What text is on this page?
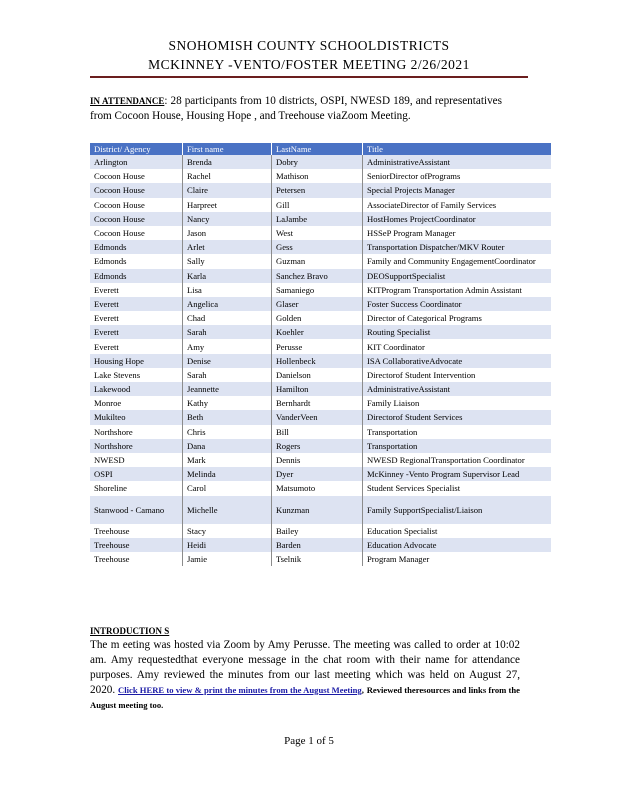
SNOHOMISH COUNTY SCHOOLDISTRICTS
MCKINNEY -VENTO/FOSTER MEETING 2/26/2021
IN ATTENDANCE: 28 participants from 10 districts, OSPI, NWESD 189, and representatives from Cocoon House, Housing Hope , and Treehouse viaZoom Meeting.
District/ Agency	First name	LastName	Title
Arlington	Brenda	Dobry	AdministrativeAssistant
Cocoon House	Rachel	Mathison	SeniorDirector ofPrograms
Cocoon House	Claire	Petersen	Special Projects Manager
Cocoon House	Harpreet	Gill	AssociateDirector of Family Services
Cocoon House	Nancy	LaJambe	HostHomes ProjectCoordinator
Cocoon House	Jason	West	HSSeP Program Manager
Edmonds	Arlet	Gess	Transportation Dispatcher/MKV Router
Edmonds	Sally	Guzman	Family and Community EngagementCoordinator
Edmonds	Karla	Sanchez Bravo	DEOSupportSpecialist
Everett	Lisa	Samaniego	KITProgram Transportation Admin Assistant
Everett	Angelica	Glaser	Foster Success Coordinator
Everett	Chad	Golden	Director of Categorical Programs
Everett	Sarah	Koehler	Routing Specialist
Everett	Amy	Perusse	KIT Coordinator
Housing Hope	Denise	Hollenbeck	ISA CollaborativeAdvocate
Lake Stevens	Sarah	Danielson	Directorof Student Intervention
Lakewood	Jeannette	Hamilton	AdministrativeAssistant
Monroe	Kathy	Bernhardt	Family Liaison
Mukilteo	Beth	VanderVeen	Directorof Student Services
Northshore	Chris	Bill	Transportation
Northshore	Dana	Rogers	Transportation
NWESD	Mark	Dennis	NWESD RegionalTransportation Coordinator
OSPI	Melinda	Dyer	McKinney -Vento Program Supervisor Lead
Shoreline	Carol	Matsumoto	Student Services Specialist
Stanwood - Camano	Michelle	Kunzman	Family SupportSpecialist/Liaison
Treehouse	Stacy	Bailey	Education Specialist
Treehouse	Heidi	Barden	Education Advocate
Treehouse	Jamie	Tselnik	Program Manager
INTRODUCTION S
The m eeting was hosted via Zoom by Amy Perusse. The meeting was called to order at 10:02 am. Amy requestedthat everyone message in the chat room with their name for attendance purposes. Amy reviewed the minutes from our last meeting which was held on August 27, 2020. Click HERE to view & print the minutes from the August Meeting, Reviewed theresources and links from the August meeting too.
Page 1 of 5
